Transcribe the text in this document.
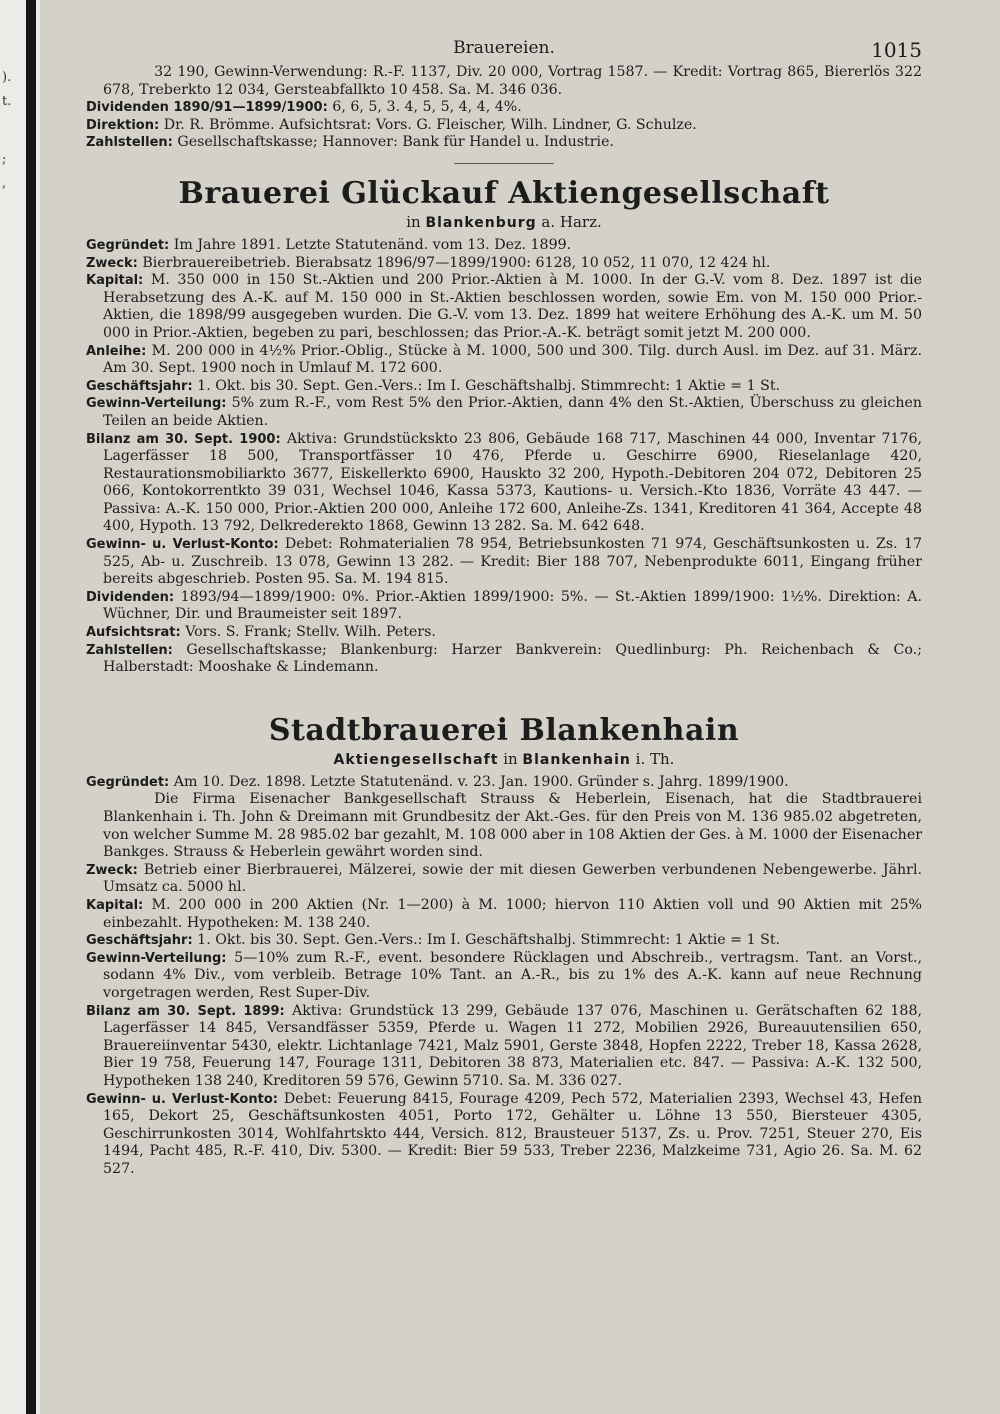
).
t.
;
,
Brauereien.	1015

32 190, Gewinn-Verwendung: R.-F. 1137, Div. 20 000, Vortrag 1587. — Kredit: Vortrag 865, Biererlös 322 678, Treberkto 12 034, Gersteabfallkto 10 458. Sa. M. 346 036.

Dividenden 1890/91—1899/1900: 6, 6, 5, 3. 4, 5, 5, 4, 4, 4%.

Direktion: Dr. R. Brömme. Aufsichtsrat: Vors. G. Fleischer, Wilh. Lindner, G. Schulze.

Zahlstellen: Gesellschaftskasse; Hannover: Bank für Handel u. Industrie.

Brauerei Glückauf Aktiengesellschaft
in Blankenburg a. Harz.

Gegründet: Im Jahre 1891. Letzte Statutenänd. vom 13. Dez. 1899.

Zweck: Bierbrauereibetrieb. Bierabsatz 1896/97—1899/1900: 6128, 10 052, 11 070, 12 424 hl.

Kapital: M. 350 000 in 150 St.-Aktien und 200 Prior.-Aktien à M. 1000. In der G.-V. vom 8. Dez. 1897 ist die Herabsetzung des A.-K. auf M. 150 000 in St.-Aktien beschlossen worden, sowie Em. von M. 150 000 Prior.-Aktien, die 1898/99 ausgegeben wurden. Die G.-V. vom 13. Dez. 1899 hat weitere Erhöhung des A.-K. um M. 50 000 in Prior.-Aktien, begeben zu pari, beschlossen; das Prior.-A.-K. beträgt somit jetzt M. 200 000.

Anleihe: M. 200 000 in 4½% Prior.-Oblig., Stücke à M. 1000, 500 und 300. Tilg. durch Ausl. im Dez. auf 31. März. Am 30. Sept. 1900 noch in Umlauf M. 172 600.

Geschäftsjahr: 1. Okt. bis 30. Sept. Gen.-Vers.: Im I. Geschäftshalbj. Stimmrecht: 1 Aktie = 1 St.

Gewinn-Verteilung: 5% zum R.-F., vom Rest 5% den Prior.-Aktien, dann 4% den St.-Aktien, Überschuss zu gleichen Teilen an beide Aktien.

Bilanz am 30. Sept. 1900: Aktiva: Grundstückskto 23 806, Gebäude 168 717, Maschinen 44 000, Inventar 7176, Lagerfässer 18 500, Transportfässer 10 476, Pferde u. Geschirre 6900, Rieselanlage 420, Restaurationsmobiliarkto 3677, Eiskellerkto 6900, Hauskto 32 200, Hypoth.-Debitoren 204 072, Debitoren 25 066, Kontokorrentkto 39 031, Wechsel 1046, Kassa 5373, Kautions- u. Versich.-Kto 1836, Vorräte 43 447. — Passiva: A.-K. 150 000, Prior.-Aktien 200 000, Anleihe 172 600, Anleihe-Zs. 1341, Kreditoren 41 364, Accepte 48 400, Hypoth. 13 792, Delkrederekto 1868, Gewinn 13 282. Sa. M. 642 648.

Gewinn- u. Verlust-Konto: Debet: Rohmaterialien 78 954, Betriebsunkosten 71 974, Geschäftsunkosten u. Zs. 17 525, Ab- u. Zuschreib. 13 078, Gewinn 13 282. — Kredit: Bier 188 707, Nebenprodukte 6011, Eingang früher bereits abgeschrieb. Posten 95. Sa. M. 194 815.

Dividenden: 1893/94—1899/1900: 0%. Prior.-Aktien 1899/1900: 5%. — St.-Aktien 1899/1900: 1½%. Direktion: A. Wüchner, Dir. und Braumeister seit 1897.

Aufsichtsrat: Vors. S. Frank; Stellv. Wilh. Peters.

Zahlstellen: Gesellschaftskasse; Blankenburg: Harzer Bankverein: Quedlinburg: Ph. Reichenbach & Co.; Halberstadt: Mooshake & Lindemann.

Stadtbrauerei Blankenhain
Aktiengesellschaft in Blankenhain i. Th.

Gegründet: Am 10. Dez. 1898. Letzte Statutenänd. v. 23. Jan. 1900. Gründer s. Jahrg. 1899/1900.

Die Firma Eisenacher Bankgesellschaft Strauss & Heberlein, Eisenach, hat die Stadtbrauerei Blankenhain i. Th. John & Dreimann mit Grundbesitz der Akt.-Ges. für den Preis von M. 136 985.02 abgetreten, von welcher Summe M. 28 985.02 bar gezahlt, M. 108 000 aber in 108 Aktien der Ges. à M. 1000 der Eisenacher Bankges. Strauss & Heberlein gewährt worden sind.

Zweck: Betrieb einer Bierbrauerei, Mälzerei, sowie der mit diesen Gewerben verbundenen Nebengewerbe. Jährl. Umsatz ca. 5000 hl.

Kapital: M. 200 000 in 200 Aktien (Nr. 1—200) à M. 1000; hiervon 110 Aktien voll und 90 Aktien mit 25% einbezahlt. Hypotheken: M. 138 240.

Geschäftsjahr: 1. Okt. bis 30. Sept. Gen.-Vers.: Im I. Geschäftshalbj. Stimmrecht: 1 Aktie = 1 St.

Gewinn-Verteilung: 5—10% zum R.-F., event. besondere Rücklagen und Abschreib., vertragsm. Tant. an Vorst., sodann 4% Div., vom verbleib. Betrage 10% Tant. an A.-R., bis zu 1% des A.-K. kann auf neue Rechnung vorgetragen werden, Rest Super-Div.

Bilanz am 30. Sept. 1899: Aktiva: Grundstück 13 299, Gebäude 137 076, Maschinen u. Gerätschaften 62 188, Lagerfässer 14 845, Versandfässer 5359, Pferde u. Wagen 11 272, Mobilien 2926, Bureauutensilien 650, Brauereiinventar 5430, elektr. Lichtanlage 7421, Malz 5901, Gerste 3848, Hopfen 2222, Treber 18, Kassa 2628, Bier 19 758, Feuerung 147, Fourage 1311, Debitoren 38 873, Materialien etc. 847. — Passiva: A.-K. 132 500, Hypotheken 138 240, Kreditoren 59 576, Gewinn 5710. Sa. M. 336 027.

Gewinn- u. Verlust-Konto: Debet: Feuerung 8415, Fourage 4209, Pech 572, Materialien 2393, Wechsel 43, Hefen 165, Dekort 25, Geschäftsunkosten 4051, Porto 172, Gehälter u. Löhne 13 550, Biersteuer 4305, Geschirrunkosten 3014, Wohlfahrtskto 444, Versich. 812, Brausteuer 5137, Zs. u. Prov. 7251, Steuer 270, Eis 1494, Pacht 485, R.-F. 410, Div. 5300. — Kredit: Bier 59 533, Treber 2236, Malzkeime 731, Agio 26. Sa. M. 62 527.
